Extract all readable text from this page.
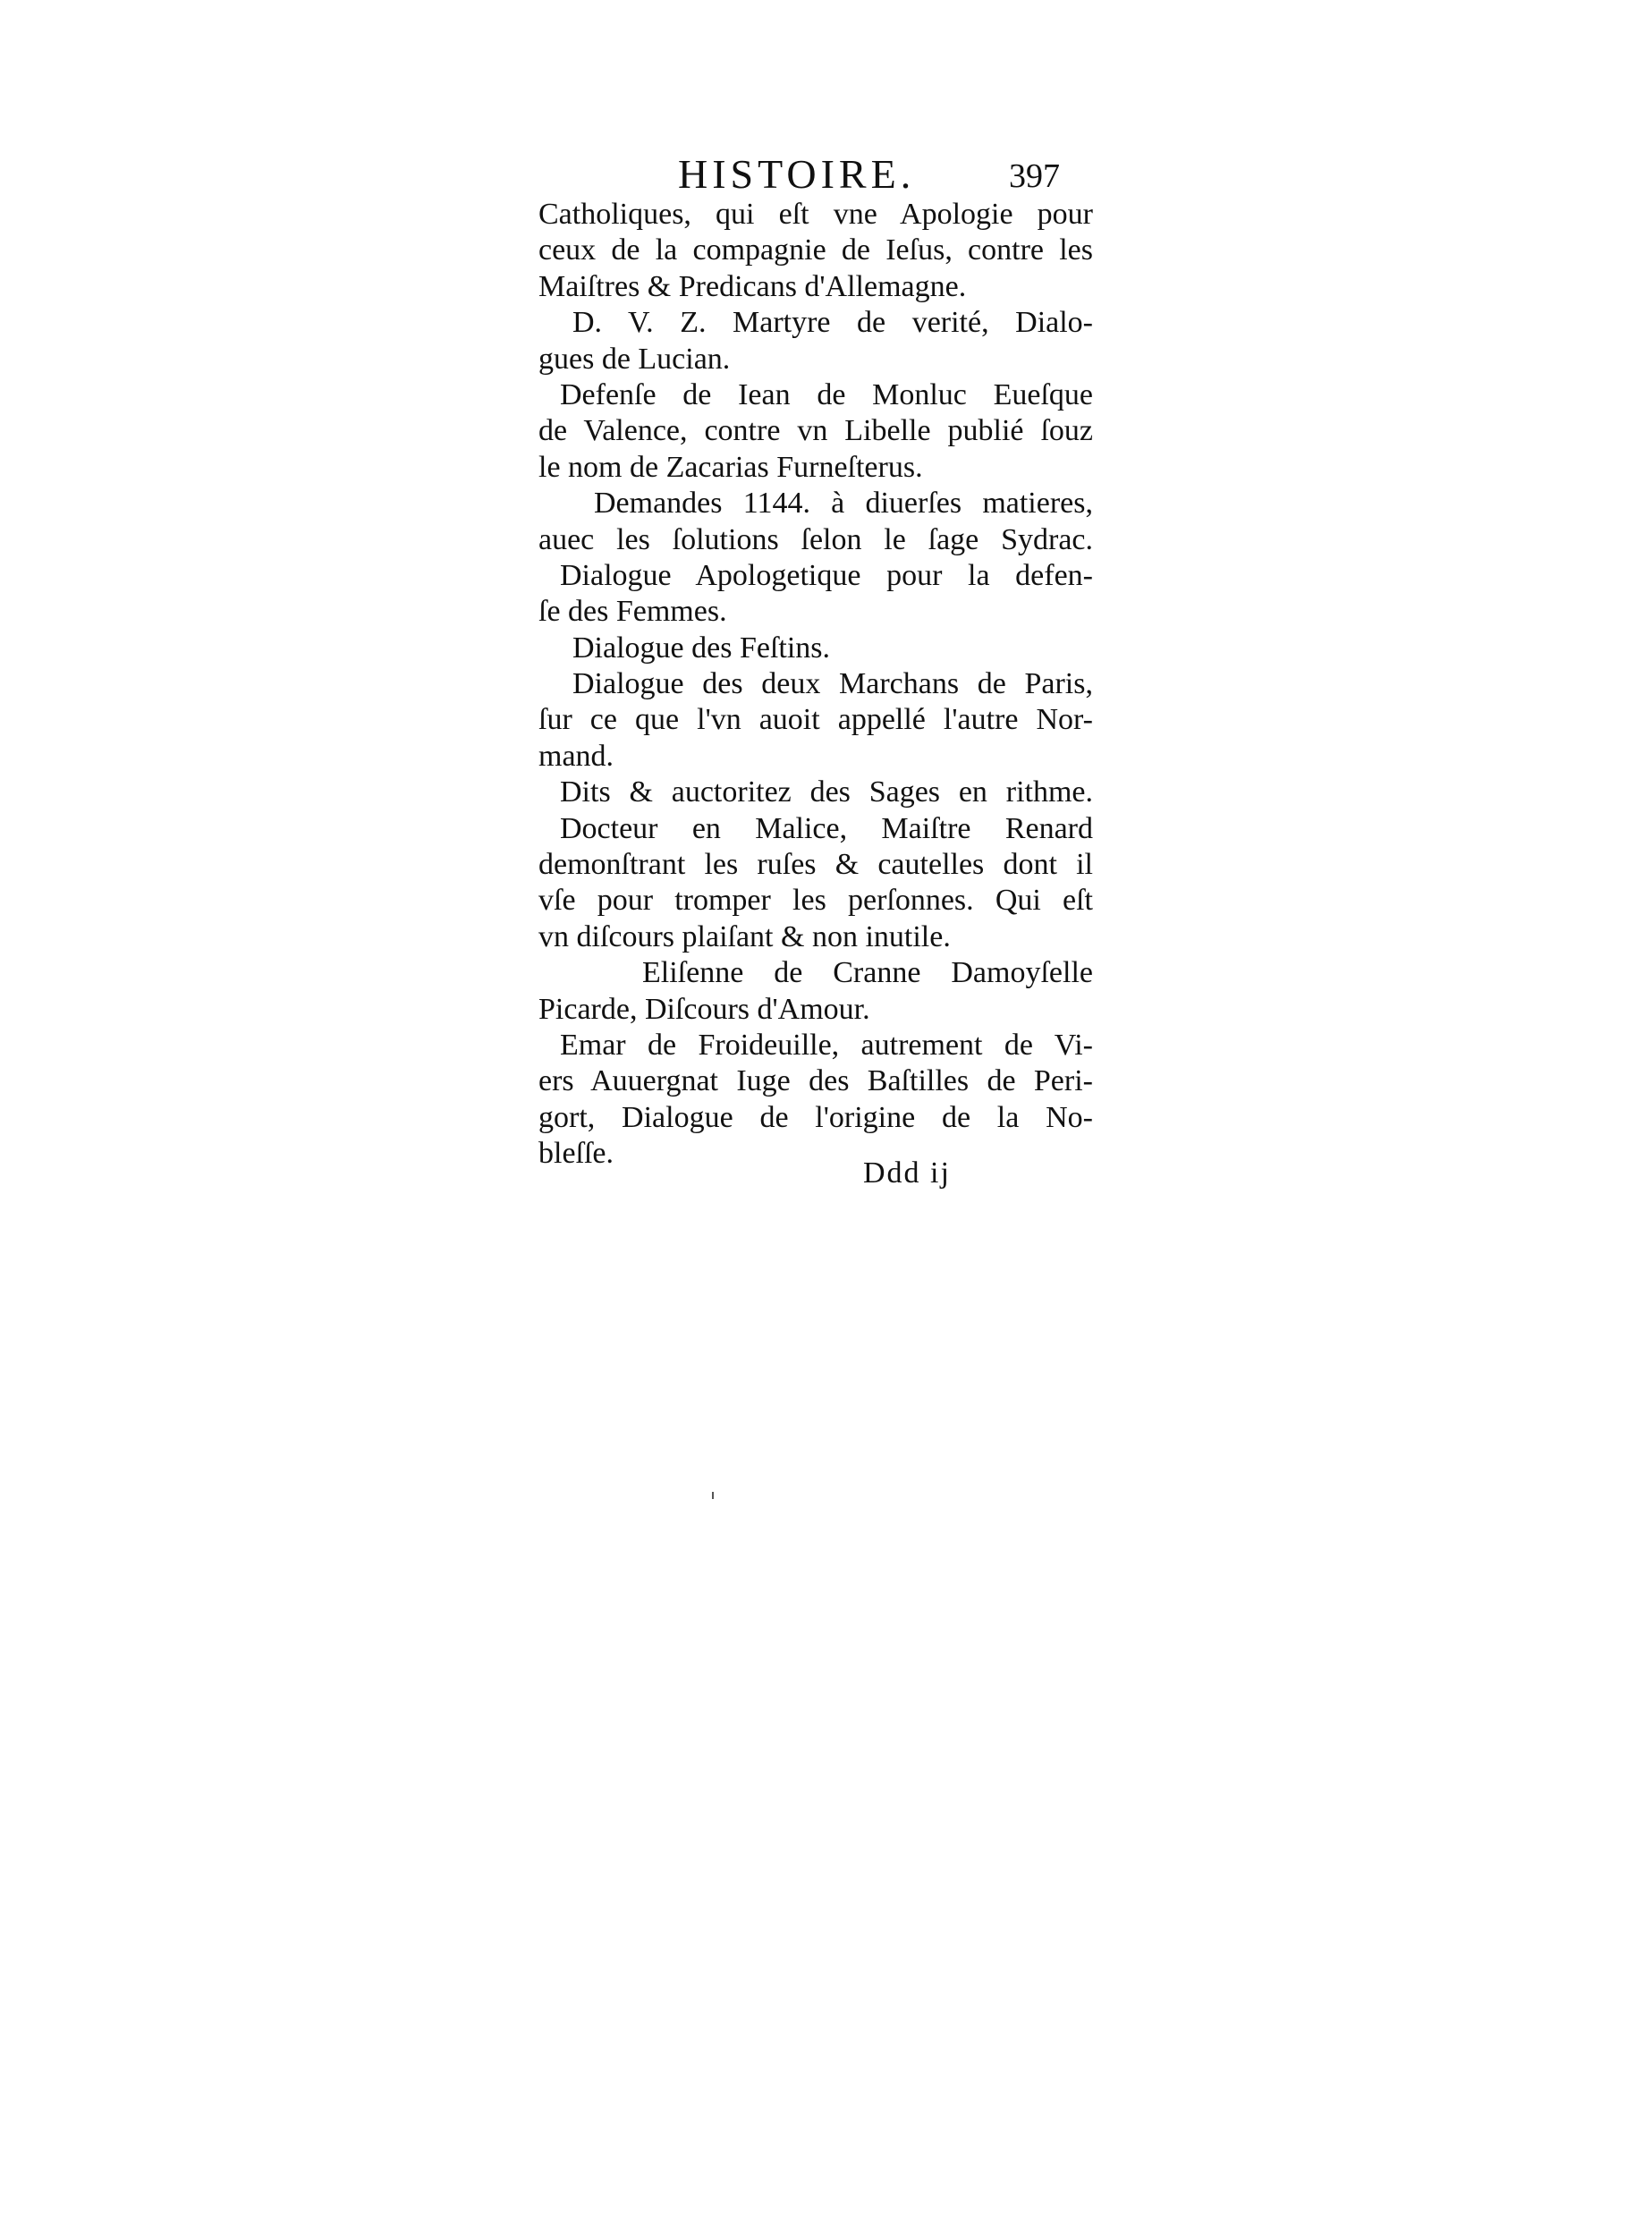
HISTOIRE.	397
Catholiques, qui eſt vne Apologie pour
ceux de la compagnie de Ieſus, contre les
Maiſtres & Predicans d'Allemagne.
D. V. Z. Martyre de verité, Dialo-
gues de Lucian.
Defenſe de Iean de Monluc Eueſque
de Valence, contre vn Libelle publié ſouz
le nom de Zacarias Furneſterus.
Demandes 1144. à diuerſes matieres,
auec les ſolutions ſelon le ſage Sydrac.
Dialogue Apologetique pour la defen-
ſe des Femmes.
Dialogue des Feſtins.
Dialogue des deux Marchans de Paris,
ſur ce que l'vn auoit appellé l'autre Nor-
mand.
Dits & auctoritez des Sages en rithme.
Docteur en Malice, Maiſtre Renard
demonſtrant les ruſes & cautelles dont il
vſe pour tromper les perſonnes. Qui eſt
vn diſcours plaiſant & non inutile.
Eliſenne de Cranne Damoyſelle
Picarde, Diſcours d'Amour.
Emar de Froideuille, autrement de Vi-
ers Auuergnat Iuge des Baſtilles de Peri-
gort, Dialogue de l'origine de la No-
bleſſe.
Ddd ij
